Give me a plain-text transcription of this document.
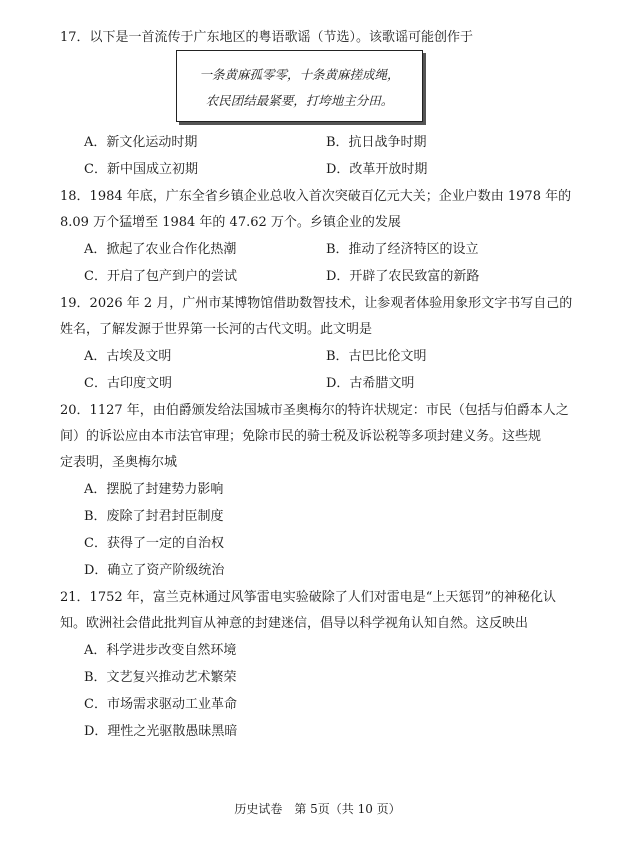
17．以下是一首流传于广东地区的粤语歌谣（节选）。该歌谣可能创作于
一条黄麻孤零零，十条黄麻搓成绳，
农民团结最紧要，打垮地主分田。
A．新文化运动时期	B．抗日战争时期
C．新中国成立初期	D．改革开放时期
18．1984 年底，广东全省乡镇企业总收入首次突破百亿元大关；企业户数由 1978 年的
8.09 万个猛增至 1984 年的 47.62 万个。乡镇企业的发展
A．掀起了农业合作化热潮	B．推动了经济特区的设立
C．开启了包产到户的尝试	D．开辟了农民致富的新路
19．2026 年 2 月，广州市某博物馆借助数智技术，让参观者体验用象形文字书写自己的
姓名，了解发源于世界第一长河的古代文明。此文明是
A．古埃及文明	B．古巴比伦文明
C．古印度文明	D．古希腊文明
20．1127 年，由伯爵颁发给法国城市圣奥梅尔的特许状规定：市民（包括与伯爵本人之
间）的诉讼应由本市法官审理；免除市民的骑士税及诉讼税等多项封建义务。这些规
定表明，圣奥梅尔城
A．摆脱了封建势力影响
B．废除了封君封臣制度
C．获得了一定的自治权
D．确立了资产阶级统治
21．1752 年，富兰克林通过风筝雷电实验破除了人们对雷电是“上天惩罚”的神秘化认
知。欧洲社会借此批判盲从神意的封建迷信，倡导以科学视角认知自然。这反映出
A．科学进步改变自然环境
B．文艺复兴推动艺术繁荣
C．市场需求驱动工业革命
D．理性之光驱散愚昧黑暗
历史试卷　第 5页（共 10 页）
